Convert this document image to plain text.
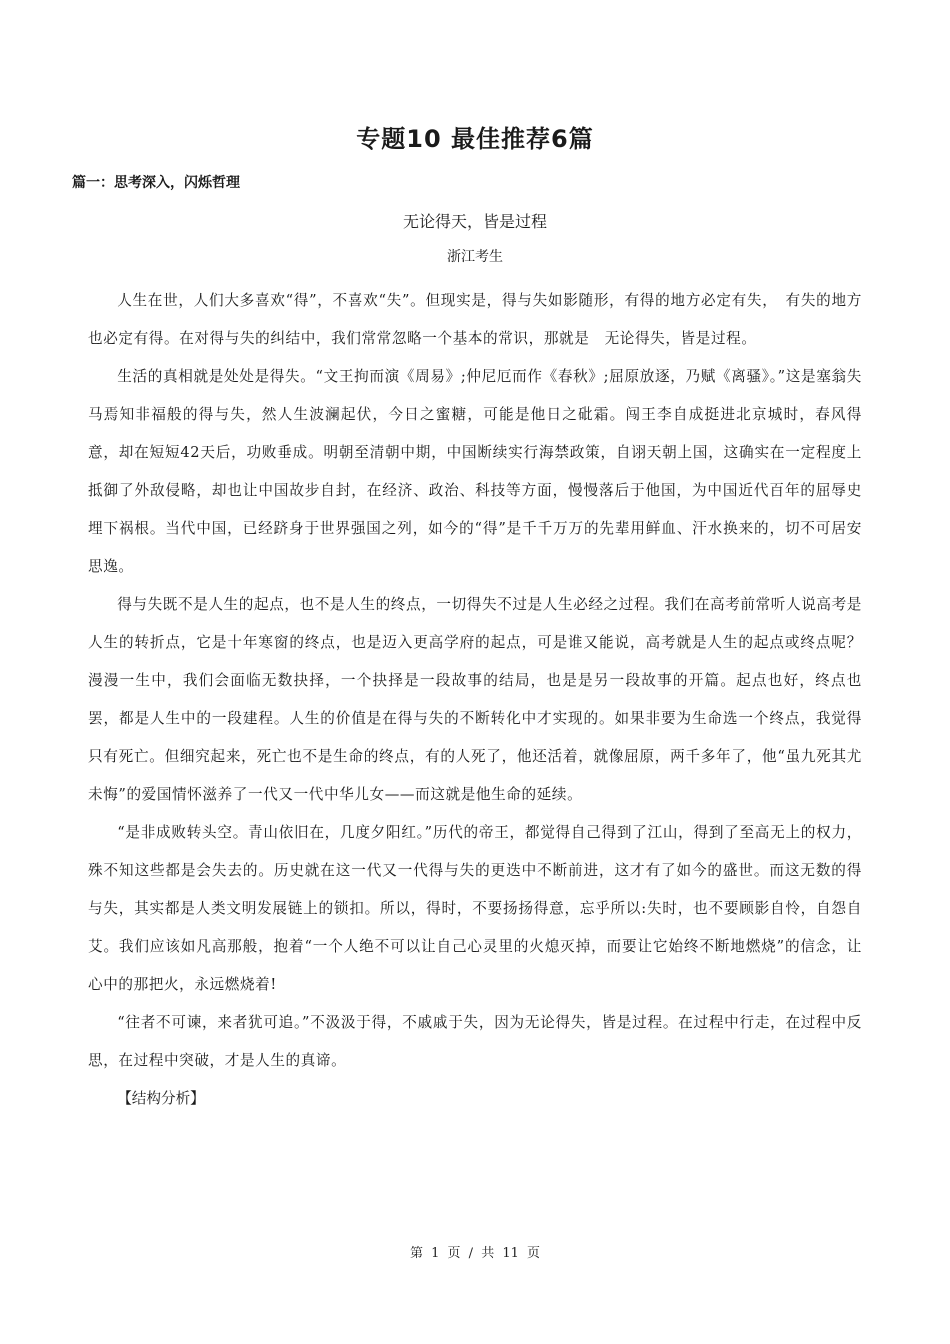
专题10 最佳推荐6篇
篇一：思考深入，闪烁哲理
无论得天，皆是过程
浙江考生

人生在世，人们大多喜欢“得”，不喜欢“失”。但现实是，得与失如影随形，有得的地方必定有失，　有失的地方也必定有得。在对得与失的纠结中，我们常常忽略一个基本的常识，那就是　无论得失，皆是过程。

生活的真相就是处处是得失。“文王拘而演《周易》;仲尼厄而作《春秋》;屈原放逐，乃赋《离骚》。”这是塞翁失马焉知非福般的得与失，然人生波澜起伏，今日之蜜糖，可能是他日之砒霜。闯王李自成挺进北京城时，春风得意，却在短短42天后，功败垂成。明朝至清朝中期，中国断续实行海禁政策，自诩天朝上国，这确实在一定程度上抵御了外敌侵略，却也让中国故步自封，在经济、政治、科技等方面，慢慢落后于他国，为中国近代百年的屈辱史埋下祸根。当代中国，已经跻身于世界强国之列，如今的“得”是千千万万的先辈用鲜血、汗水换来的，切不可居安思逸。

得与失既不是人生的起点，也不是人生的终点，一切得失不过是人生必经之过程。我们在高考前常听人说高考是人生的转折点，它是十年寒窗的终点，也是迈入更高学府的起点，可是谁又能说，高考就是人生的起点或终点呢？漫漫一生中，我们会面临无数抉择，一个抉择是一段故事的结局，也是是另一段故事的开篇。起点也好，终点也罢，都是人生中的一段建程。人生的价值是在得与失的不断转化中才实现的。如果非要为生命选一个终点，我觉得只有死亡。但细究起来，死亡也不是生命的终点，有的人死了，他还活着，就像屈原，两千多年了，他“虽九死其尤未悔”的爱国情怀滋养了一代又一代中华儿女——而这就是他生命的延续。

“是非成败转头空。青山依旧在，几度夕阳红。”历代的帝王，都觉得自己得到了江山，得到了至高无上的权力，殊不知这些都是会失去的。历史就在这一代又一代得与失的更迭中不断前进，这才有了如今的盛世。而这无数的得与失，其实都是人类文明发展链上的锁扣。所以，得时，不要扬扬得意，忘乎所以:失时，也不要顾影自怜，自怨自艾。我们应该如凡高那般，抱着“一个人绝不可以让自己心灵里的火熄灭掉，而要让它始终不断地燃烧”的信念，让心中的那把火，永远燃烧着!

“往者不可谏，来者犹可追。”不汲汲于得，不戚戚于失，因为无论得失，皆是过程。在过程中行走，在过程中反思，在过程中突破，才是人生的真谛。

【结构分析】

第 1 页 / 共 11 页
